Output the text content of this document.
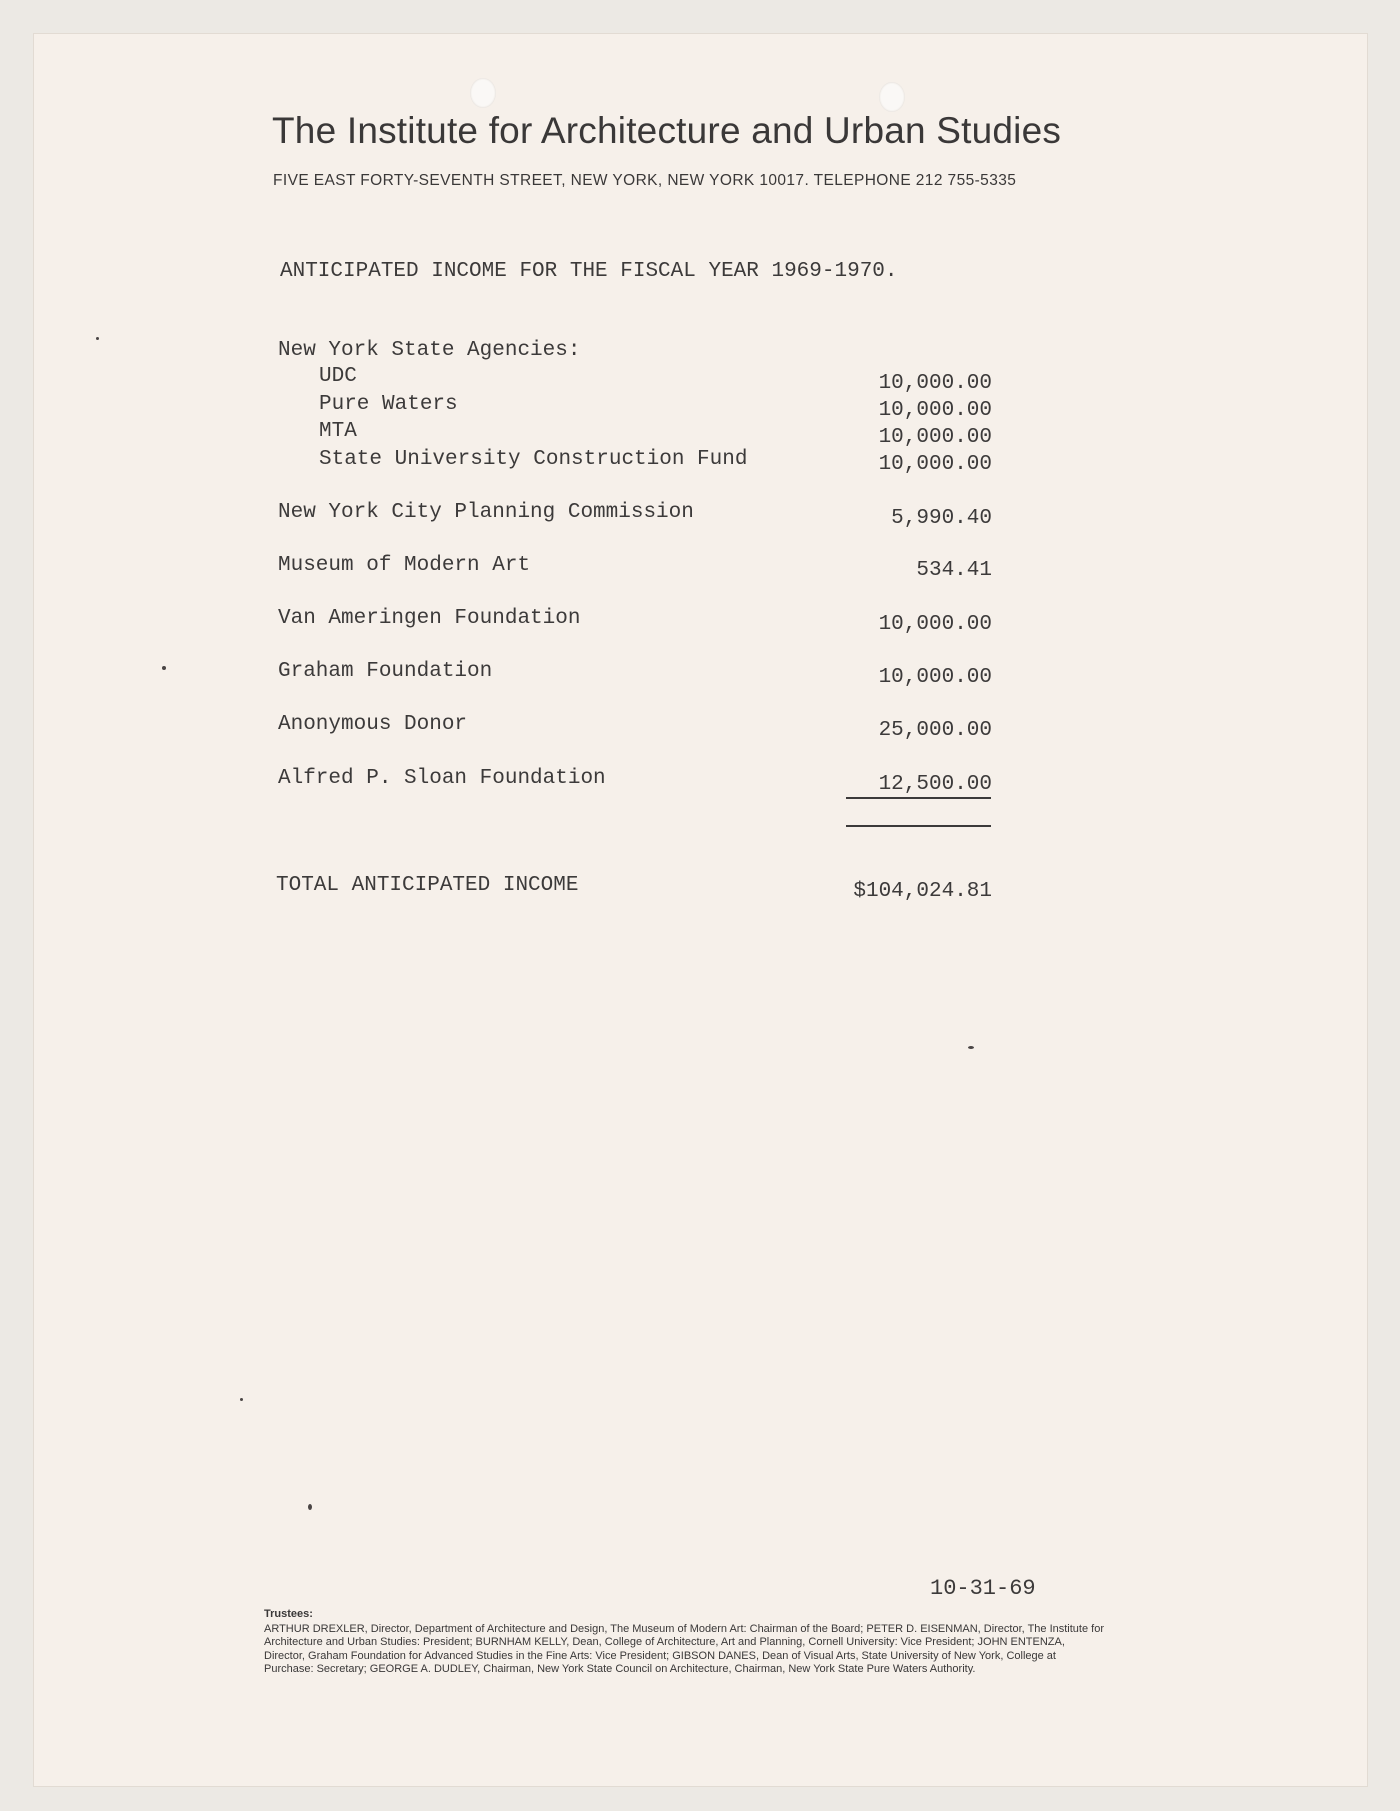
The Institute for Architecture and Urban Studies
FIVE EAST FORTY-SEVENTH STREET, NEW YORK, NEW YORK 10017. TELEPHONE 212 755-5335
ANTICIPATED INCOME FOR THE FISCAL YEAR 1969-1970.
New York State Agencies:
UDC	10,000.00
Pure Waters	10,000.00
MTA	10,000.00
State University Construction Fund	10,000.00
New York City Planning Commission	5,990.40
Museum of Modern Art	534.41
Van Ameringen Foundation	10,000.00
Graham Foundation	10,000.00
Anonymous Donor	25,000.00
Alfred P. Sloan Foundation	12,500.00
TOTAL ANTICIPATED INCOME	$104,024.81
10-31-69
Trustees:
ARTHUR DREXLER, Director, Department of Architecture and Design, The Museum of Modern Art: Chairman of the Board; PETER D. EISENMAN, Director, The Institute for Architecture and Urban Studies: President; BURNHAM KELLY, Dean, College of Architecture, Art and Planning, Cornell University: Vice President; JOHN ENTENZA, Director, Graham Foundation for Advanced Studies in the Fine Arts: Vice President; GIBSON DANES, Dean of Visual Arts, State University of New York, College at Purchase: Secretary; GEORGE A. DUDLEY, Chairman, New York State Council on Architecture, Chairman, New York State Pure Waters Authority.
